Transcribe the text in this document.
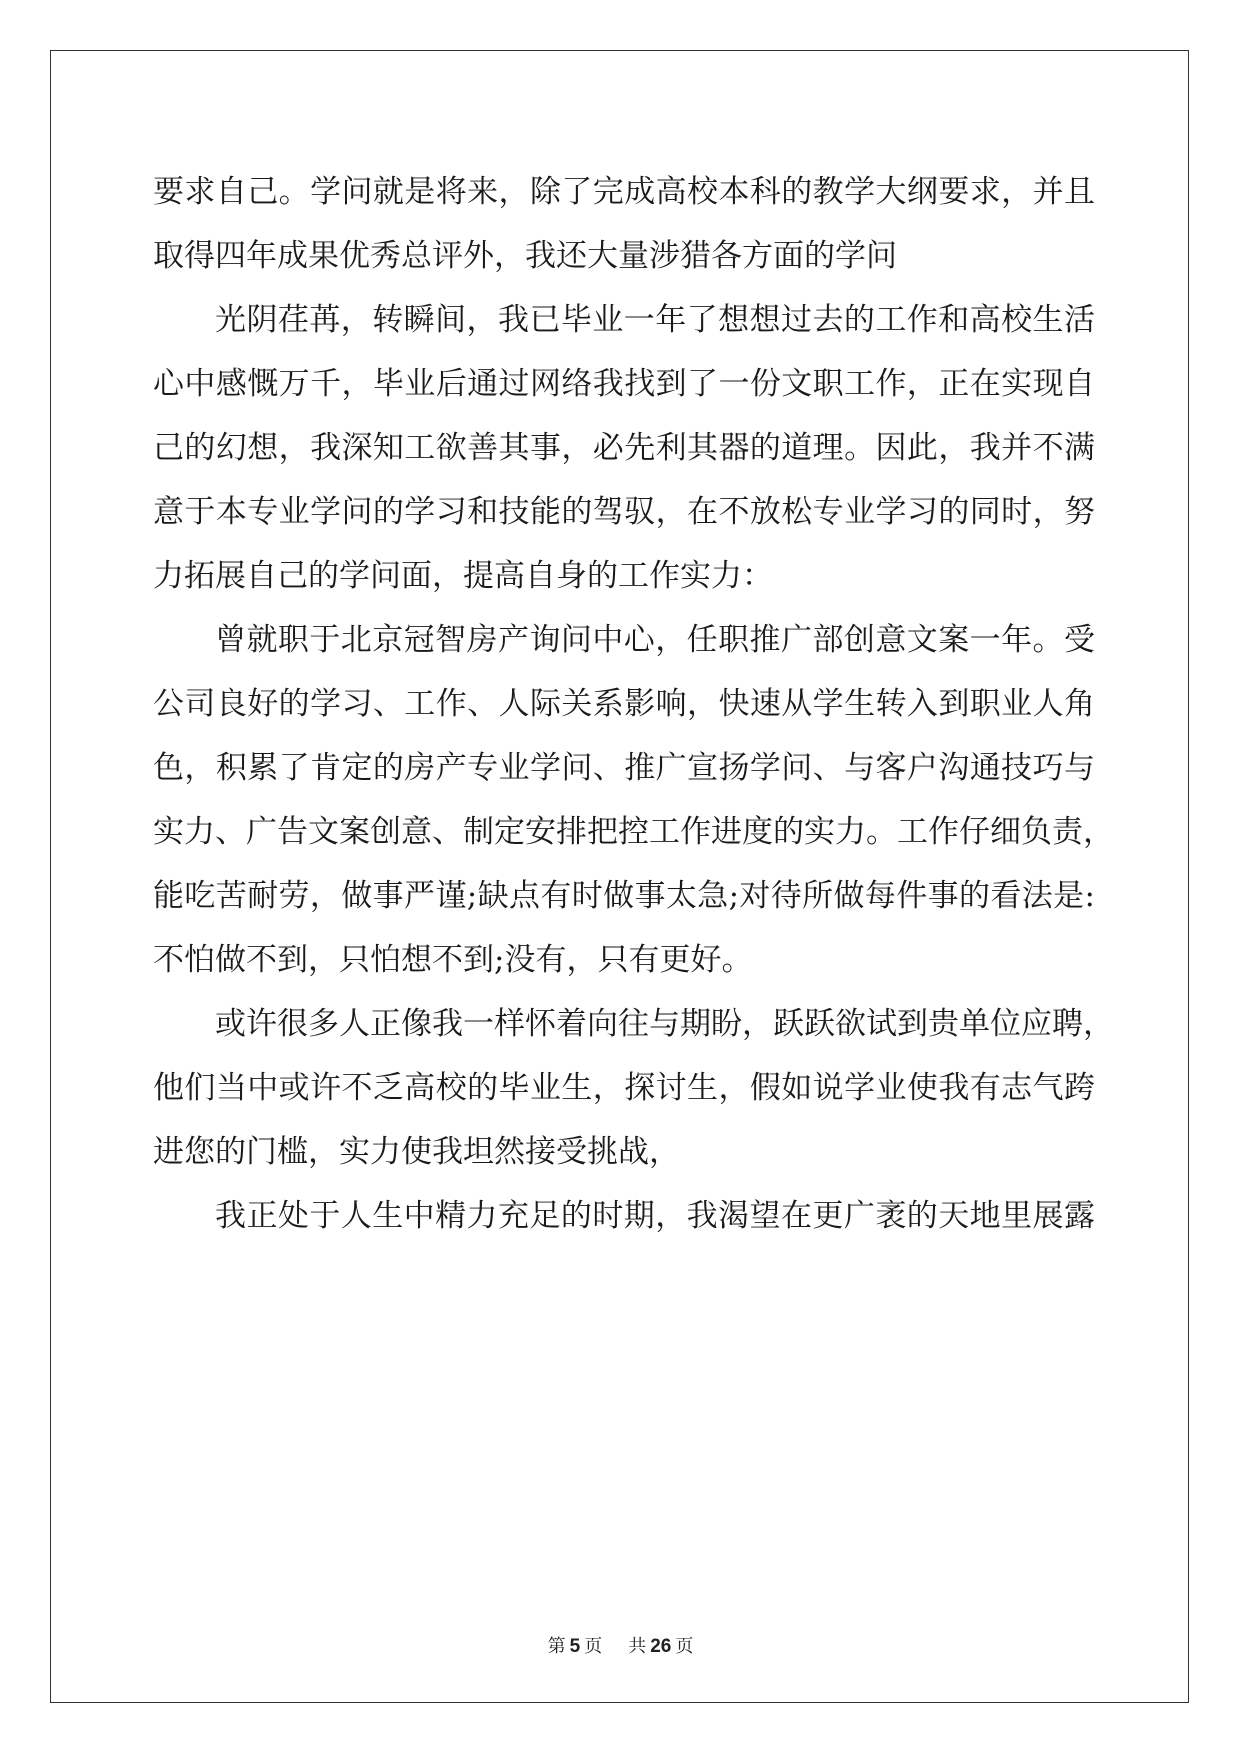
要求自己。学问就是将来，除了完成高校本科的教学大纲要求，并且
取得四年成果优秀总评外，我还大量涉猎各方面的学问
光阴荏苒，转瞬间，我已毕业一年了想想过去的工作和高校生活
心中感慨万千，毕业后通过网络我找到了一份文职工作，正在实现自
己的幻想，我深知工欲善其事，必先利其器的道理。因此，我并不满
意于本专业学问的学习和技能的驾驭，在不放松专业学习的同时，努
力拓展自己的学问面，提高自身的工作实力：
曾就职于北京冠智房产询问中心，任职推广部创意文案一年。受
公司良好的学习、工作、人际关系影响，快速从学生转入到职业人角
色，积累了肯定的房产专业学问、推广宣扬学问、与客户沟通技巧与
实力、广告文案创意、制定安排把控工作进度的实力。工作仔细负责，
能吃苦耐劳，做事严谨;缺点有时做事太急;对待所做每件事的看法是:
不怕做不到，只怕想不到;没有，只有更好。
或许很多人正像我一样怀着向往与期盼，跃跃欲试到贵单位应聘，
他们当中或许不乏高校的毕业生，探讨生，假如说学业使我有志气跨
进您的门槛，实力使我坦然接受挑战，
我正处于人生中精力充足的时期，我渴望在更广袤的天地里展露
第 5 页 共 26 页
